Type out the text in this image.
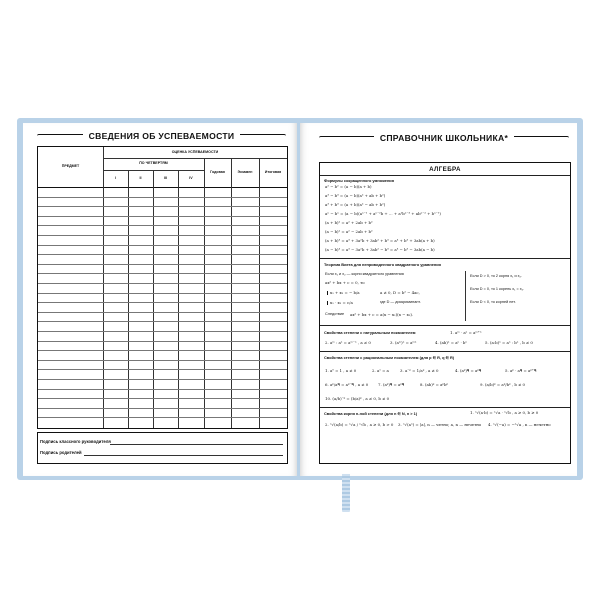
СВЕДЕНИЯ ОБ УСПЕВАЕМОСТИ
ПРЕДМЕТ
ОЦЕНКА УСПЕВАЕМОСТИ
ПО ЧЕТВЕРТЯМ
I	II	III	IV
Годовая	Экзамен	Итоговая
Подпись классного руководителя
Подпись родителей
СПРАВОЧНИК ШКОЛЬНИКА*
АЛГЕБРА
Формулы сокращенного умножения
a² − b² = (a − b)(a + b)
a³ − b³ = (a − b)(a² + ab + b²)
a³ + b³ = (a + b)(a² − ab + b²)
aⁿ − bⁿ = (a − b)(aⁿ⁻¹ + aⁿ⁻²b + ... + a²bⁿ⁻³ + abⁿ⁻² + bⁿ⁻¹)
(a + b)² = a² + 2ab + b²
(a − b)² = a² − 2ab + b²
(a + b)³ = a³ + 3a²b + 3ab² + b³ = a³ + b³ + 3ab(a + b)
(a − b)³ = a³ − 3a²b + 3ab² − b³ = a³ − b³ − 3ab(a − b)
Теорема Виета для непривиденного квадратного уравнения
Если x₁ и x₂ — корни квадратного уравнения
ax² + bx + c = 0, то
x₁ + x₂ = − b/a
x₁ · x₂ = c/a
a ≠ 0, D = b² − 4ac,
где D — дискриминант.
Следствие ax² + bx + c = a(x − x₁)(x − x₂).
Если D > 0, то 2 корня x₁ и x₂.
Если D = 0, то 1 корень x₁ = x₂.
Если D < 0, то корней нет.
Свойства степени с натуральным показателем	1. aᵐ · aⁿ = aᵐ⁺ⁿ
2. aᵐ : aⁿ = aᵐ⁻ⁿ , a ≠ 0	3. (aᵐ)ⁿ = aᵐⁿ	4. (ab)ⁿ = aⁿ · bⁿ	5. (a:b)ⁿ = aⁿ : bⁿ , b ≠ 0
Свойства степени с рациональным показателем (для p ∈ R, q ∈ R)
1. a⁰ = 1 , a ≠ 0	2. a¹ = a	3. a⁻ᵖ = 1/aᵖ , a ≠ 0	4. (aᵖ)ᑫ = aᵖᑫ	5. aᵖ · aᑫ = aᵖ⁺ᑫ
6. aᵖ/aᑫ = aᵖ⁻ᑫ , a ≠ 0	7. (aᵖ)ᑫ = aᵖᑫ	8. (ab)ᵖ = aᵖbᵖ	9. (a/b)ᵖ = aᵖ/bᵖ , b ≠ 0
10. (a/b)⁻ᵖ = (b/a)ᵖ , a ≠ 0, b ≠ 0
Свойства корня n-ной степени (для n ∈ N, n > 1)	1. ⁿ√(a·b) = ⁿ√a · ⁿ√b , a ≥ 0, b ≥ 0
2. ⁿ√(a/b) = ⁿ√a / ⁿ√b , a ≥ 0, b > 0 3. ⁿ√(aⁿ) = |a|, n — четно; a, n — нечетно 4. ⁿ√(−a) = −ⁿ√a , n — нечетно
